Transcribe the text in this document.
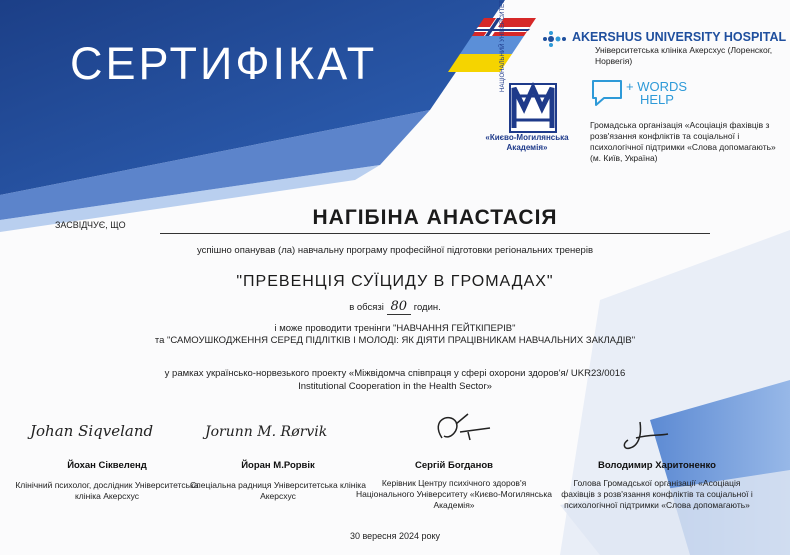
СЕРТИФІКАТ
AKERSHUS UNIVERSITY HOSPITAL
Університетська клініка Акерсхус (Лоренског, Норвегія)
НАЦІОНАЛЬНИЙ УНІВЕРСИТЕТ
«Києво-Могилянська Академія»
+ WORDS
HELP
Громадська організація «Асоціація фахівців з розв'язання конфліктів та соціальної і психологічної підтримки «Слова допомагають» (м. Київ, Україна)
ЗАСВІДЧУЄ, ЩО	НАГІБІНА АНАСТАСІЯ
успішно опанував (ла) навчальну програму професійної підготовки регіональних тренерів
"ПРЕВЕНЦІЯ СУЇЦИДУ В ГРОМАДАХ"
в обсязі 80 годин.
і може проводити тренінги "НАВЧАННЯ ГЕЙТКІПЕРІВ"
та "САМОУШКОДЖЕННЯ СЕРЕД ПІДЛІТКІВ І МОЛОДІ: ЯК ДІЯТИ ПРАЦІВНИКАМ НАВЧАЛЬНИХ ЗАКЛАДІВ"
у рамках українсько-норвезького проекту «Міжвідомча співпраця у сфері охорони здоров'я/ UKR23/0016
Institutional Cooperation in the Health Sector»
Johan Siqveland
Йохан Сіквеленд
Клінічний психолог, дослідник Університетська клініка Акерсхус
Jorunn M. Rørvik
Йоран М.Рорвік
Спеціальна радниця Університетська клініка Акерсхус
Сергій Богданов
Керівник Центру психічного здоров'я Національного Університету «Києво-Могилянська Академія»
Володимир Харитоненко
Голова Громадської організації «Асоціація фахівців з розв'язання конфліктів та соціальної і психологічної підтримки «Слова допомагають»
30 вересня 2024 року
